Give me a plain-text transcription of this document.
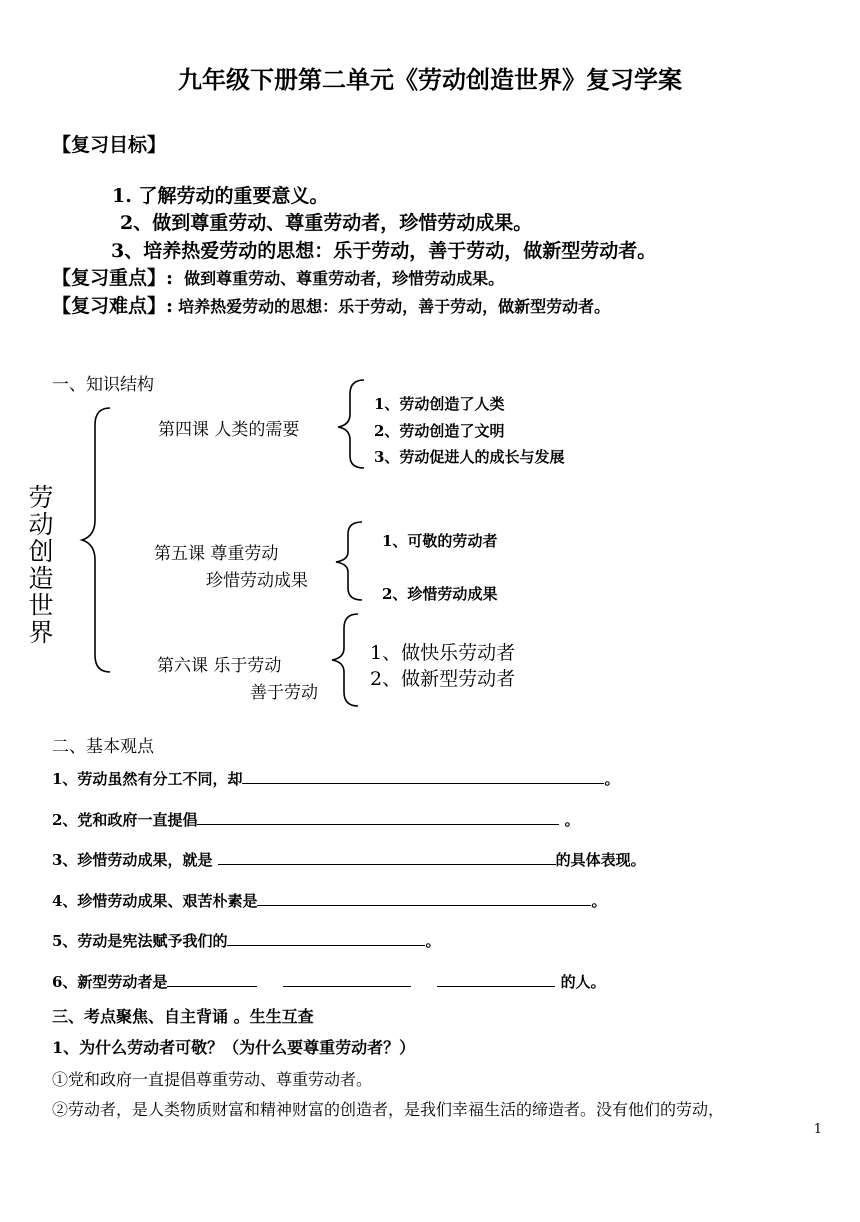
九年级下册第二单元《劳动创造世界》复习学案
【复习目标】
1. 了解劳动的重要意义。
2、做到尊重劳动、尊重劳动者，珍惜劳动成果。
3、培养热爱劳动的思想：乐于劳动，善于劳动，做新型劳动者。
【复习重点】: 做到尊重劳动、尊重劳动者，珍惜劳动成果。
【复习难点】: 培养热爱劳动的思想：乐于劳动，善于劳动，做新型劳动者。
一、知识结构
劳动创造世界
第四课 人类的需要
1、劳动创造了人类
2、劳动创造了文明
3、劳动促进人的成长与发展
第五课 尊重劳动
珍惜劳动成果
1、可敬的劳动者
2、珍惜劳动成果
第六课 乐于劳动
善于劳动
1、做快乐劳动者
2、做新型劳动者
二、基本观点
1、劳动虽然有分工不同，却	。
2、党和政府一直提倡	。
3、珍惜劳动成果，就是	的具体表现。
4、珍惜劳动成果、艰苦朴素是	。
5、劳动是宪法赋予我们的	。
6、新型劳动者是	的人。
三、考点聚焦、自主背诵 。生生互查
1、为什么劳动者可敬？（为什么要尊重劳动者？）
①党和政府一直提倡尊重劳动、尊重劳动者。
②劳动者，是人类物质财富和精神财富的创造者，是我们幸福生活的缔造者。没有他们的劳动，
1
